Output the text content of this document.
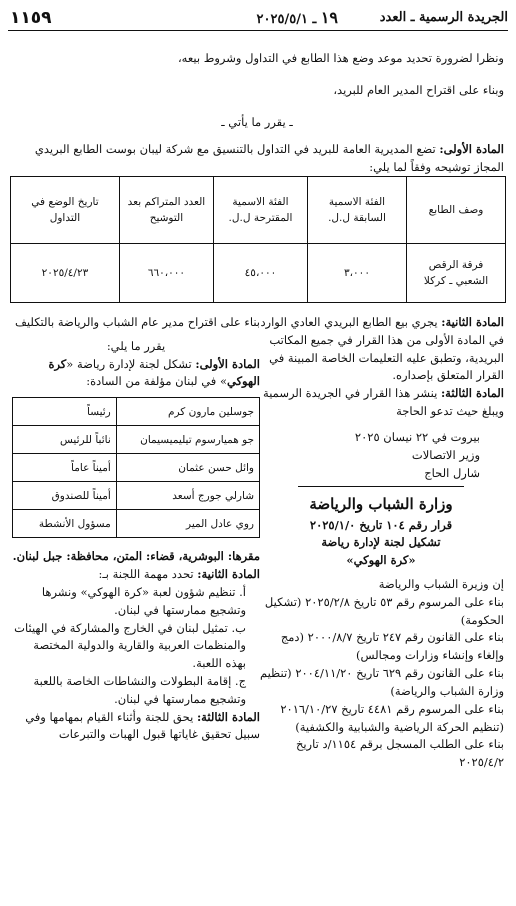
الجريدة الرسمية ـ العدد
١٩ ـ ٢٠٢٥/٥/١
١١٥٩

ونظرا لضرورة تحديد موعد وضع هذا الطابع في التداول وشروط بيعه،

وبناء على اقتراح المدير العام للبريد،

ـ يقرر ما يأتي ـ

المادة الأولى: تضع المديرية العامة للبريد في التداول بالتنسيق مع شركة ليبان بوست الطابع البريدي المجاز توشيحه وفقاً لما يلي:

وصف الطابع	الفئة الاسمية السابقة ل.ل.	الفئة الاسمية المقترحة ل.ل.	العدد المتراكم بعد التوشيح	تاريخ الوضع في التداول
فرقة الرقص الشعبي ـ كركلا	٣،٠٠٠	٤٥،٠٠٠	٦٦٠،٠٠٠	٢٠٢٥/٤/٢٣

المادة الثانية: يجري بيع الطابع البريدي العادي الوارد في المادة الأولى من هذا القرار في جميع المكاتب البريدية، وتطبق عليه التعليمات الخاصة المبينة في القرار المتعلق بإصداره.

المادة الثالثة: ينشر هذا القرار في الجريدة الرسمية ويبلغ حيث تدعو الحاجة

بيروت في ٢٢ نيسان ٢٠٢٥

وزير الاتصالات

شارل الحاج

وزارة الشباب والرياضة

قرار رقم ١٠٤ تاريخ ٢٠٢٥/١/٠

تشكيل لجنة لإدارة رياضة

«كرة الهوكي»

إن وزيرة الشباب والرياضة

بناء على المرسوم رقم ٥٣ تاريخ ٢٠٢٥/٢/٨ (تشكيل الحكومة)

بناء على القانون رقم ٢٤٧ تاريخ ٢٠٠٠/٨/٧ (دمج وإلغاء وإنشاء وزارات ومجالس)

بناء على القانون رقم ٦٢٩ تاريخ ٢٠٠٤/١١/٢٠ (تنظيم وزارة الشباب والرياضة)

بناء على المرسوم رقم ٤٤٨١ تاريخ ٢٠١٦/١٠/٢٧ (تنظيم الحركة الرياضية والشبابية والكشفية)

بناء على الطلب المسجل برقم ١١٥٤/د تاريخ ٢٠٢٥/٤/٢

بناء على اقتراح مدير عام الشباب والرياضة بالتكليف

يقرر ما يلي:

المادة الأولى: تشكل لجنة لإدارة رياضة «كرة الهوكي» في لبنان مؤلفة من السادة:

جوسلين مارون كرم	رئيساً
جو هميارسوم تيليميسيمان	نائباً للرئيس
وائل حسن عثمان	أميناً عاماً
شارلي جورج أسعد	أميناً للصندوق
روي عادل المير	مسؤول الأنشطة

مقرها: البوشرية، قضاء: المتن، محافظة: جبل لبنان.

المادة الثانية: تحدد مهمة اللجنة بـ:

أ. تنظيم شؤون لعبة «كرة الهوكي» ونشرها وتشجيع ممارستها في لبنان.

ب. تمثيل لبنان في الخارج والمشاركة في الهيئات والمنظمات العربية والقارية والدولية المختصة بهذه اللعبة.

ج. إقامة البطولات والنشاطات الخاصة باللعبة وتشجيع ممارستها في لبنان.

المادة الثالثة: يحق للجنة وأثناء القيام بمهامها وفي سبيل تحقيق غاياتها قبول الهبات والتبرعات
